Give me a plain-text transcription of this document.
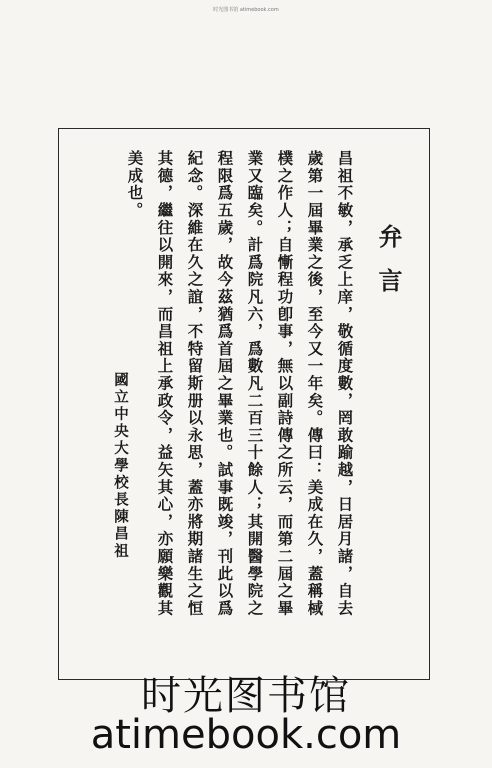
时光图书馆 atimebook.com
昌祖不敏，承乏上庠，敬循度數，罔敢踰越，日居月諸，自去
歲第一屆畢業之後，至今又一年矣。傳曰：美成在久，蓋稱棫
樸之作人；自慚程功卽事，無以副詩傳之所云，而第二屆之畢
業又臨矣。計爲院凡六，爲數凡二百三十餘人；其開醫學院之
程限爲五歲，故今茲猶爲首屆之畢業也。試事既竣，刊此以爲
紀念。深維在久之誼，不特留斯册以永思，蓋亦將期諸生之恒
其德，繼往以開來，而昌祖上承政令，益矢其心，亦願樂觀其
美成也。
弁言
國立中央大學校長陳昌祖
时光图书馆
atimebook.com
